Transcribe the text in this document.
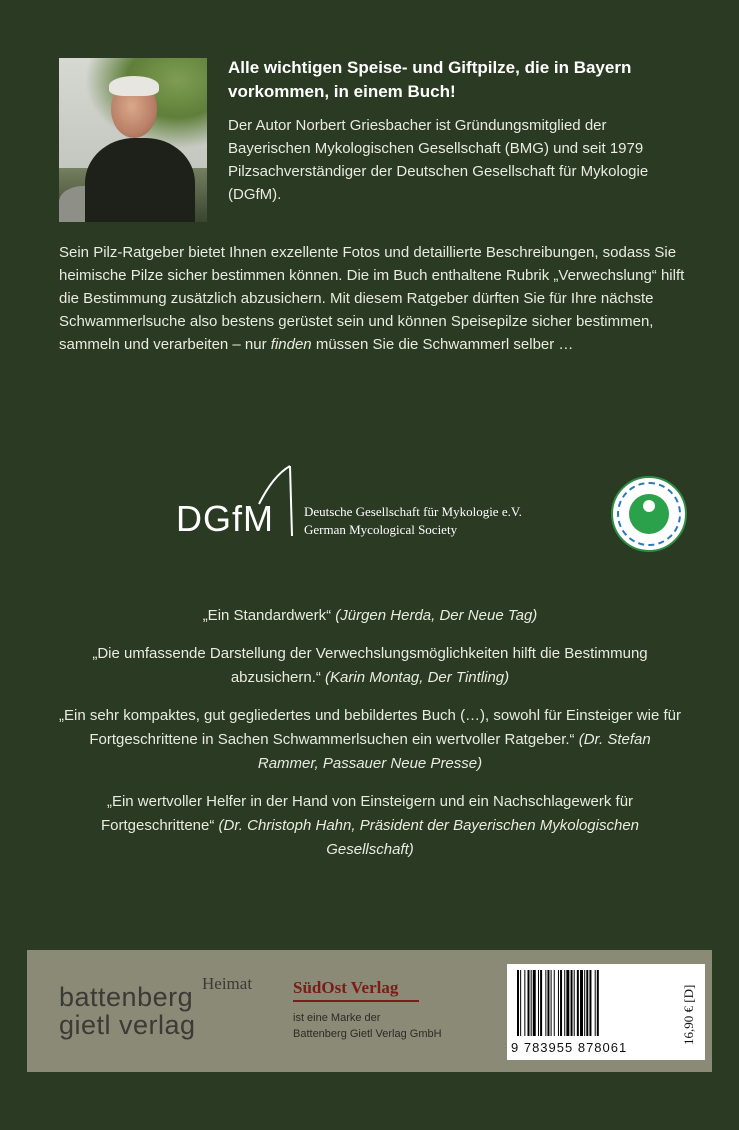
Alle wichtigen Speise- und Giftpilze, die in Bayern vorkommen, in einem Buch!
Der Autor Norbert Griesbacher ist Gründungsmitglied der Bayerischen Mykologischen Gesellschaft (BMG) und seit 1979 Pilzsachverständiger der Deutschen Gesellschaft für Mykologie (DGfM).
Sein Pilz-Ratgeber bietet Ihnen exzellente Fotos und detaillierte Beschreibungen, sodass Sie heimische Pilze sicher bestimmen können. Die im Buch enthaltene Rubrik „Verwechslung“ hilft die Bestimmung zusätzlich abzusichern. Mit diesem Ratgeber dürften Sie für Ihre nächste Schwammerlsuche also bestens gerüstet sein und können Speisepilze sicher bestimmen, sammeln und verarbeiten – nur finden müssen Sie die Schwammerl selber …
DGfM Deutsche Gesellschaft für Mykologie e.V.
German Mycological Society

„Ein Standardwerk“ (Jürgen Herda, Der Neue Tag)

„Die umfassende Darstellung der Verwechslungsmöglichkeiten hilft die Bestimmung abzusichern.“ (Karin Montag, Der Tintling)

„Ein sehr kompaktes, gut gegliedertes und bebildertes Buch (…), sowohl für Einsteiger wie für Fortgeschrittene in Sachen Schwammerlsuchen ein wertvoller Ratgeber.“ (Dr. Stefan Rammer, Passauer Neue Presse)

„Ein wertvoller Helfer in der Hand von Einsteigern und ein Nachschlagewerk für Fortgeschrittene“ (Dr. Christoph Hahn, Präsident der Bayerischen Mykologischen Gesellschaft)

Heimat
battenberg
gietl verlag
SüdOst Verlag
ist eine Marke der
Battenberg Gietl Verlag GmbH
9 783955 878061
16,90 € [D]
